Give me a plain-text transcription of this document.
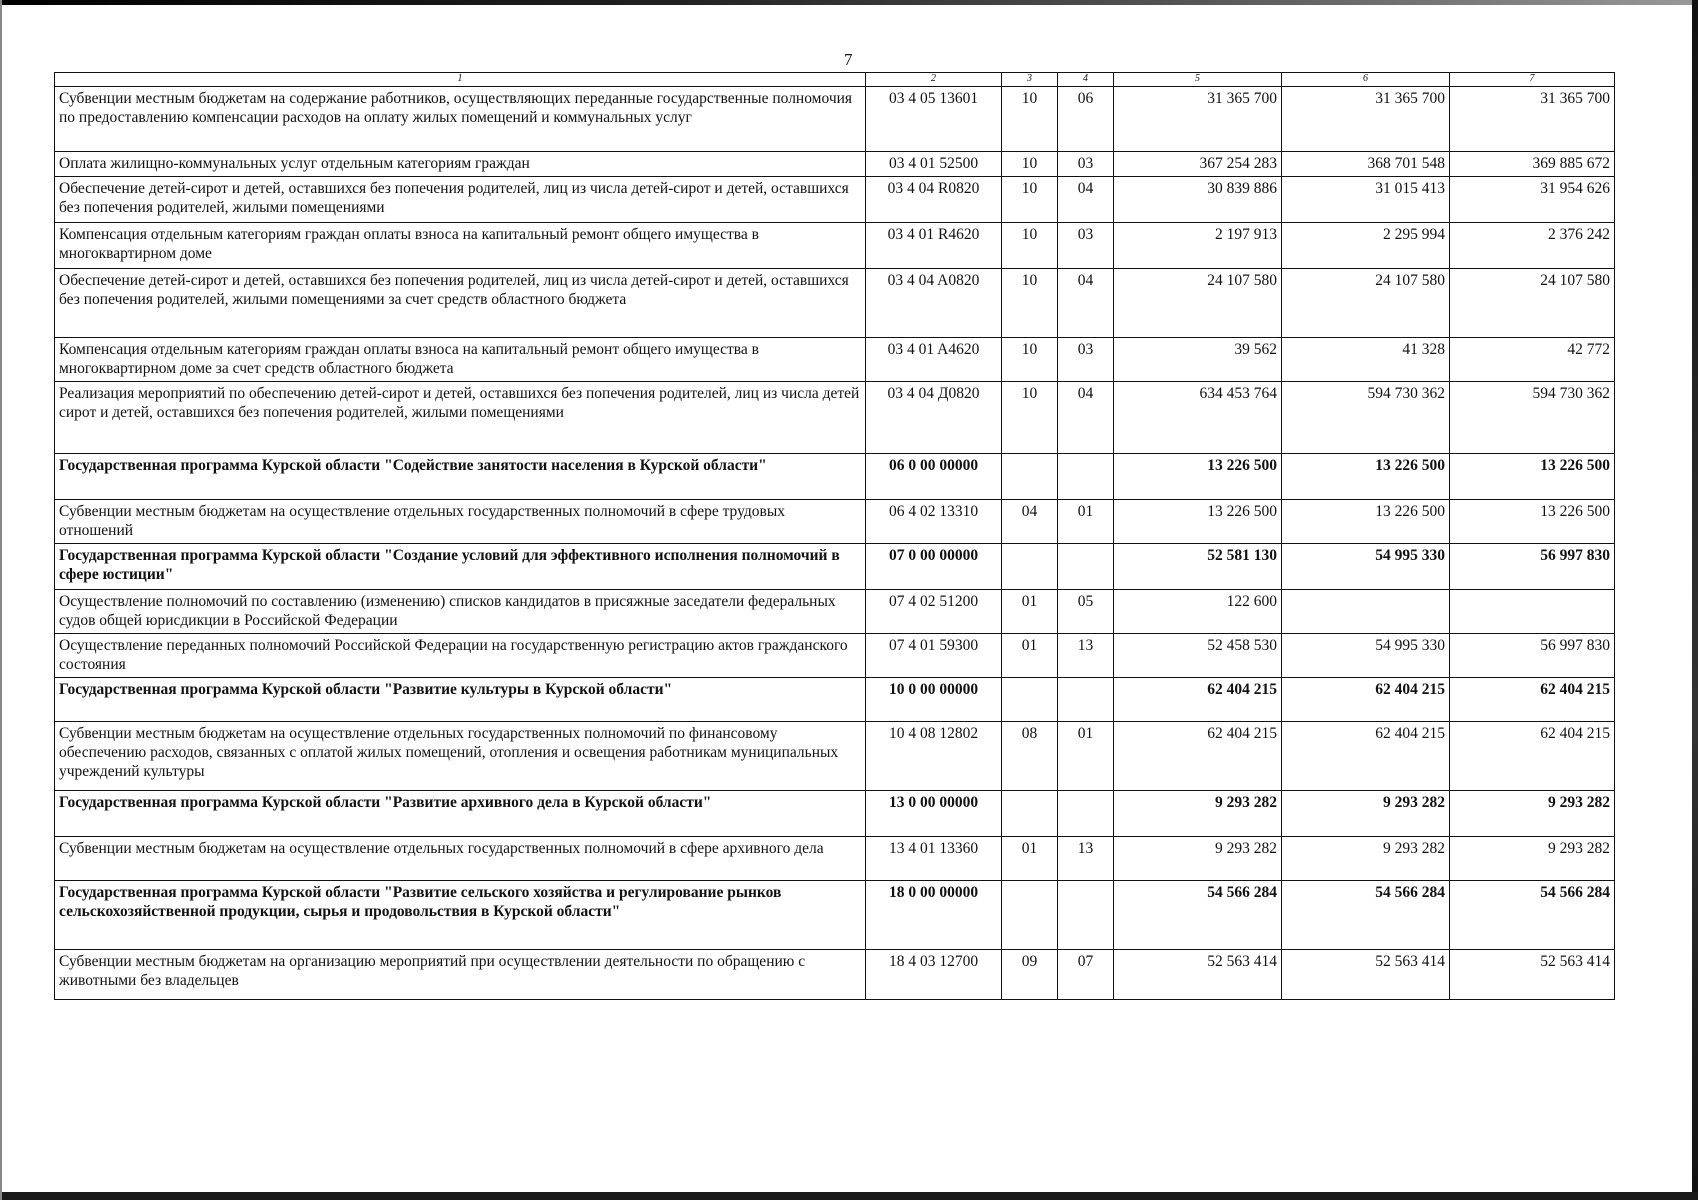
7
1	2	3	4	5	6	7
Субвенции местным бюджетам на содержание работников, осуществляющих переданные государственные полномочия по предоставлению компенсации расходов на оплату жилых помещений и коммунальных услуг	03 4 05 13601	10	06	31 365 700	31 365 700	31 365 700
Оплата жилищно-коммунальных услуг отдельным категориям граждан	03 4 01 52500	10	03	367 254 283	368 701 548	369 885 672
Обеспечение детей-сирот и детей, оставшихся без попечения родителей, лиц из числа детей-сирот и детей, оставшихся без попечения родителей, жилыми помещениями	03 4 04 R0820	10	04	30 839 886	31 015 413	31 954 626
Компенсация отдельным категориям граждан оплаты взноса на капитальный ремонт общего имущества в многоквартирном доме	03 4 01 R4620	10	03	2 197 913	2 295 994	2 376 242
Обеспечение детей-сирот и детей, оставшихся без попечения родителей, лиц из числа детей-сирот и детей, оставшихся без попечения родителей, жилыми помещениями за счет средств областного бюджета	03 4 04 A0820	10	04	24 107 580	24 107 580	24 107 580
Компенсация отдельным категориям граждан оплаты взноса на капитальный ремонт общего имущества в многоквартирном доме за счет средств областного бюджета	03 4 01 A4620	10	03	39 562	41 328	42 772
Реализация мероприятий по обеспечению детей-сирот и детей, оставшихся без попечения родителей, лиц из числа детей сирот и детей, оставшихся без попечения родителей, жилыми помещениями	03 4 04 Д0820	10	04	634 453 764	594 730 362	594 730 362
Государственная программа Курской области "Содействие занятости населения в Курской области"	06 0 00 00000			13 226 500	13 226 500	13 226 500
Субвенции местным бюджетам на осуществление отдельных государственных полномочий в сфере трудовых отношений	06 4 02 13310	04	01	13 226 500	13 226 500	13 226 500
Государственная программа Курской области "Создание условий для эффективного исполнения полномочий в сфере юстиции"	07 0 00 00000			52 581 130	54 995 330	56 997 830
Осуществление полномочий по составлению (изменению) списков кандидатов в присяжные заседатели федеральных судов общей юрисдикции в Российской Федерации	07 4 02 51200	01	05	122 600		
Осуществление переданных полномочий Российской Федерации на государственную регистрацию актов гражданского состояния	07 4 01 59300	01	13	52 458 530	54 995 330	56 997 830
Государственная программа Курской области "Развитие культуры в Курской области"	10 0 00 00000			62 404 215	62 404 215	62 404 215
Субвенции местным бюджетам на осуществление отдельных государственных полномочий по финансовому обеспечению расходов, связанных с оплатой жилых помещений, отопления и освещения работникам муниципальных учреждений культуры	10 4 08 12802	08	01	62 404 215	62 404 215	62 404 215
Государственная программа Курской области "Развитие архивного дела в Курской области"	13 0 00 00000			9 293 282	9 293 282	9 293 282
Субвенции местным бюджетам на осуществление отдельных государственных полномочий в сфере архивного дела	13 4 01 13360	01	13	9 293 282	9 293 282	9 293 282
Государственная программа Курской области "Развитие сельского хозяйства и регулирование рынков сельскохозяйственной продукции, сырья и продовольствия в Курской области"	18 0 00 00000			54 566 284	54 566 284	54 566 284
Субвенции местным бюджетам на организацию мероприятий при осуществлении деятельности по обращению с животными без владельцев	18 4 03 12700	09	07	52 563 414	52 563 414	52 563 414
